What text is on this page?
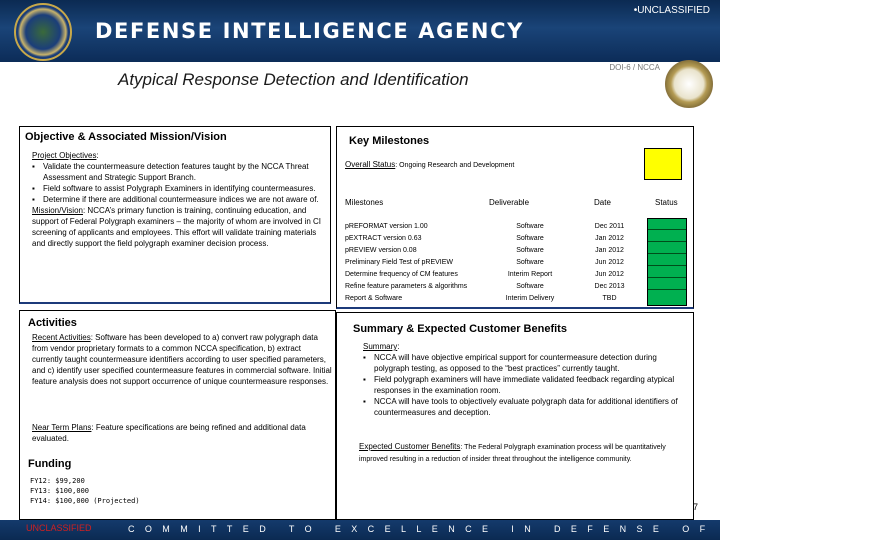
DEFENSE INTELLIGENCE AGENCY
•UNCLASSIFIED
Atypical Response Detection and Identification
DOI-6 / NCCA
Objective & Associated Mission/Vision
Project Objectives:
▪ Validate the countermeasure detection features taught by the NCCA Threat Assessment and Strategic Support Branch.
▪ Field software to assist Polygraph Examiners in identifying countermeasures.
▪ Determine if there are additional countermeasure indices we are not aware of.
Mission/Vision: NCCA’s primary function is training, continuing education, and support of Federal Polygraph examiners – the majority of whom are involved in CI screening of applicants and employees. This effort will validate training materials and directly support the field polygraph examiner decision process.
Key Milestones
Overall Status: Ongoing Research and Development
Milestones	Deliverable	Date	Status
pREFORMAT version 1.00	Software	Dec 2011
pEXTRACT version 0.63	Software	Jan 2012
pREVIEW version 0.08	Software	Jan 2012
Preliminary Field Test of pREVIEW	Software	Jun 2012
Determine frequency of CM features	Interim Report	Jun 2012
Refine feature parameters & algorithms	Software	Dec 2013
Report & Software	Interim Delivery	TBD
Activities
Recent Activities: Software has been developed to a) convert raw polygraph data from vendor proprietary formats to a common NCCA specification, b) extract currently taught countermeasure identifiers according to user specified parameters, and c) identify user specified countermeasure features in commercial software. Initial feature analysis does not support occurrence of unique countermeasure responses.
Near Term Plans: Feature specifications are being refined and additional data evaluated.
Funding
FY12: $99,200
FY13: $100,000
FY14: $100,000 (Projected)
Summary & Expected Customer Benefits
Summary:
▪ NCCA will have objective empirical support for countermeasure detection during polygraph testing, as opposed to the “best practices” currently taught.
▪ Field polygraph examiners will have immediate validated feedback regarding atypical responses in the examination room.
▪ NCCA will have tools to objectively evaluate polygraph data for additional identifiers of countermeasures and deception.
Expected Customer Benefits: The Federal Polygraph examination process will be quantitatively improved resulting in a reduction of insider threat throughout the intelligence community.
7
UNCLASSIFIED	COMMITTED TO EXCELLENCE IN DEFENSE OF THE NATION
